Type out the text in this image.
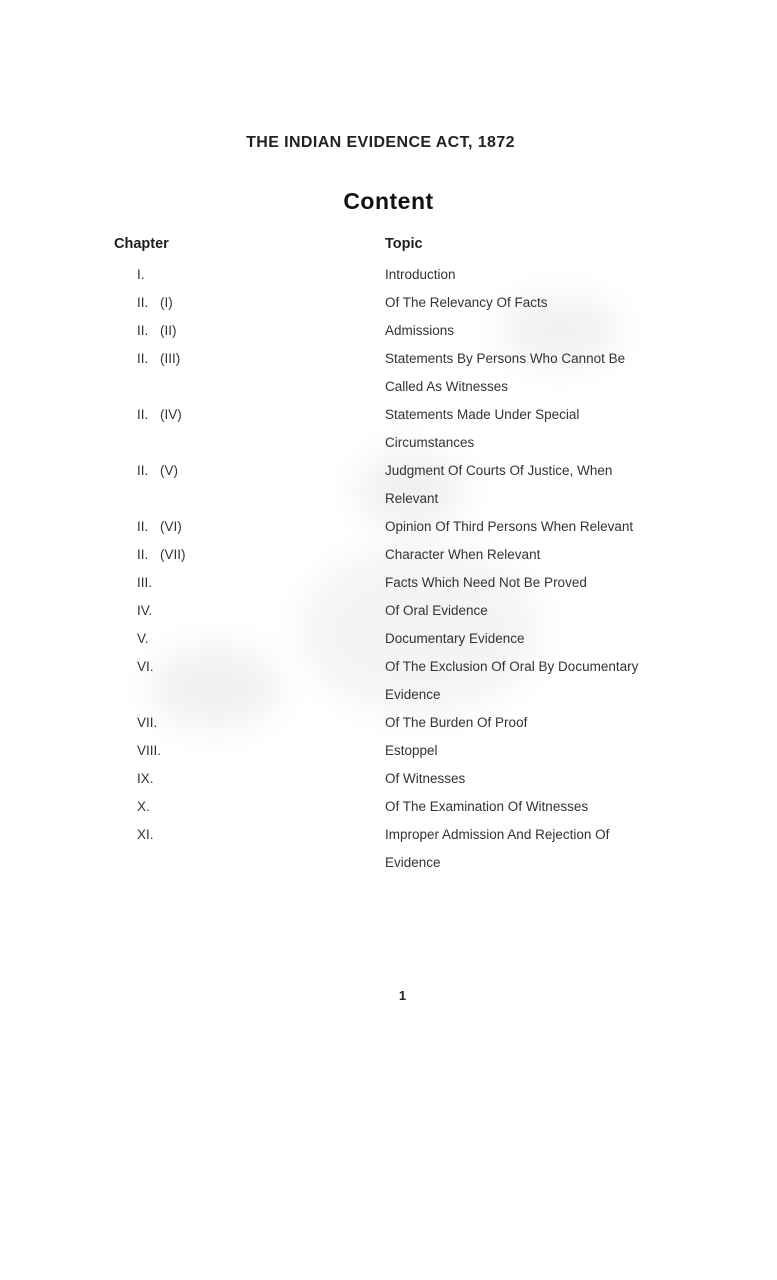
THE INDIAN EVIDENCE ACT, 1872
Content
Chapter	Topic
I.	Introduction
II. (I)	Of The Relevancy Of Facts
II. (II)	Admissions
II. (III)	Statements By Persons Who Cannot Be
Called As Witnesses
II. (IV)	Statements Made Under Special
Circumstances
II. (V)	Judgment Of Courts Of Justice, When
Relevant
II. (VI)	Opinion Of Third Persons When Relevant
II. (VII)	Character When Relevant
III.	Facts Which Need Not Be Proved
IV.	Of Oral Evidence
V.	Documentary Evidence
VI.	Of The Exclusion Of Oral By Documentary
Evidence
VII.	Of The Burden Of Proof
VIII.	Estoppel
IX.	Of Witnesses
X.	Of The Examination Of Witnesses
XI.	Improper Admission And Rejection Of
Evidence
1
